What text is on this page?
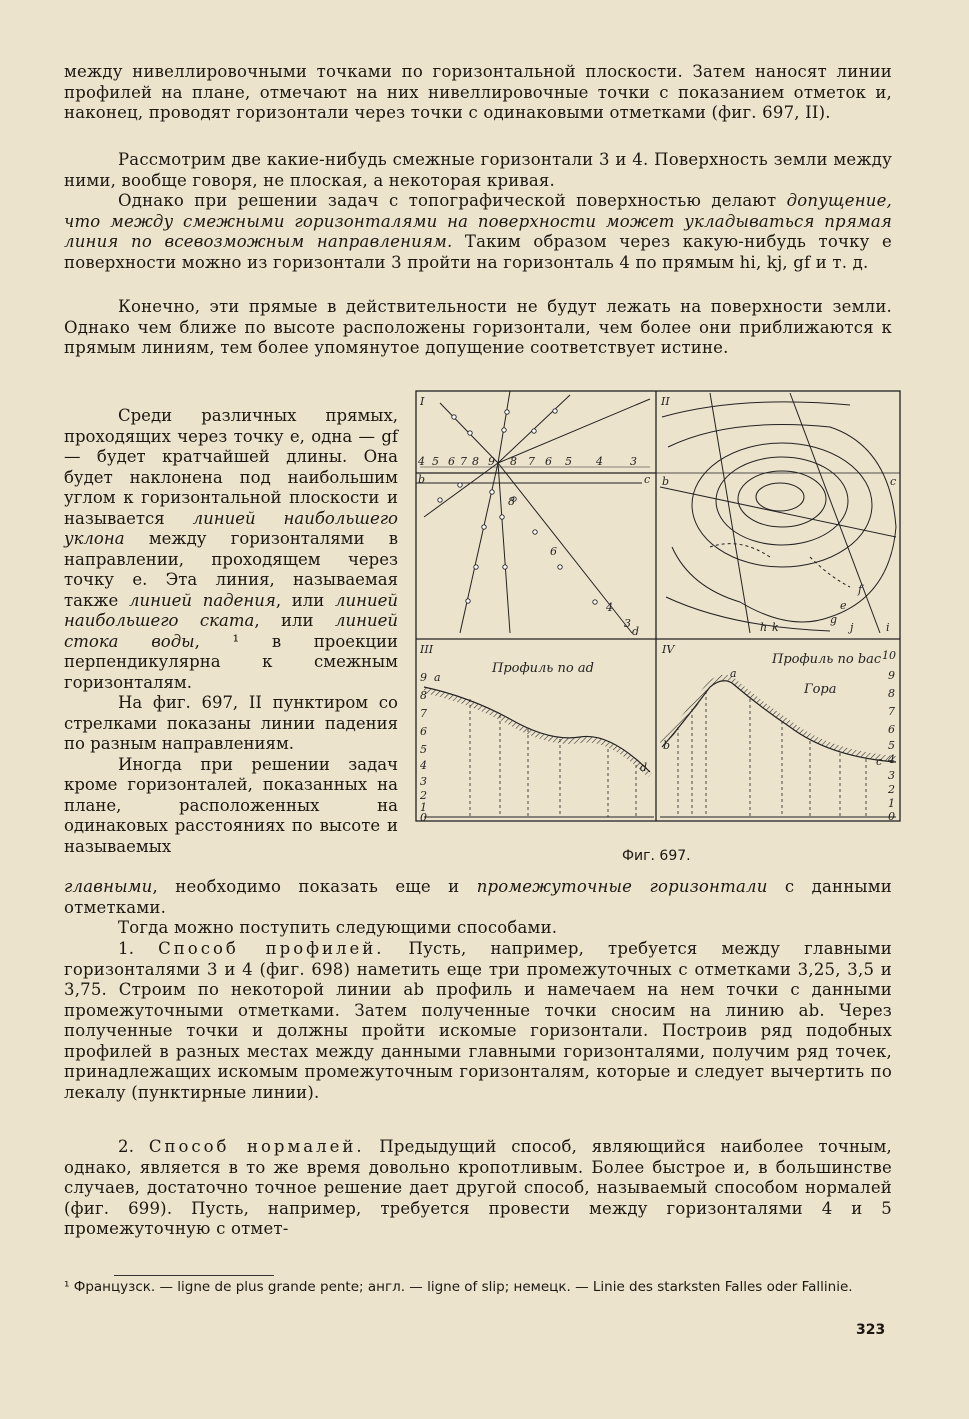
между нивеллировочными точками по горизонтальной плоскости. Затем наносят линии профилей на плане, отмечают на них нивеллировочные точки с показанием отметок и, наконец, проводят горизонтали через точки с одинаковыми отметками (фиг. 697, II).

Рассмотрим две какие-нибудь смежные горизонтали 3 и 4. Поверхность земли между ними, вообще говоря, не плоская, а некоторая кривая.

Однако при решении задач с топографической поверхностью делают допущение, что между смежными горизонталями на поверхности может укладываться прямая линия по всевозможным направлениям. Таким образом через какую-нибудь точку e поверхности можно из горизонтали 3 пройти на горизонталь 4 по прямым hi, kj, gf и т. д.

Конечно, эти прямые в действительности не будут лежать на поверхности земли. Однако чем ближе по высоте расположены горизонтали, чем более они приближаются к прямым линиям, тем более упомянутое допущение соответствует истине.

Среди различных прямых, проходящих через точку e, одна — gf — будет кратчайшей длины. Она будет наклонена под наибольшим углом к горизонтальной плоскости и называется линией наибольшего уклона между горизонталями в направлении, проходящем через точку e. Эта линия, называемая также линией падения, или линией наибольшего ската, или линией стока воды, ¹ в проекции перпендикулярна к смежным горизонталям.
На фиг. 697, II пунктиром со стрелками показаны линии падения по разным направлениям.
Иногда при решении задач кроме горизонталей, показанных на плане, расположенных на одинаковых расстояниях по высоте и называемых

главными, необходимо показать еще и промежуточные горизонтали с данными отметками.

Тогда можно поступить следующими способами.

1. Способ профилей. Пусть, например, требуется между главными горизонталями 3 и 4 (фиг. 698) наметить еще три промежуточных с отметками 3,25, 3,5 и 3,75. Строим по некоторой линии ab профиль и намечаем на нем точки с данными промежуточными отметками. Затем полученные точки сносим на линию ab. Через полученные точки и должны пройти искомые горизонтали. Построив ряд подобных профилей в разных местах между данными главными горизонталями, получим ряд точек, принадлежащих искомым промежуточным горизонталям, которые и следует вычертить по лекалу (пунктирные линии).

2. Способ нормалей. Предыдущий способ, являющийся наиболее точным, однако, является в то же время довольно кропотливым. Более быстрое и, в большинстве случаев, достаточно точное решение дает другой способ, называемый способом нормалей (фиг. 699). Пусть, например, требуется провести между горизонталями 4 и 5 промежуточную с отмет-

I
4 5 6 7 8 9 8 7 6 5 4 3
b	c
8
6
4
3
d
II
b	c
f
e
h
g
k	j	i
III
Профиль по ad
9 a
8
7
6
5
4
3
2
1
0
d
IV
Профиль по bac
Гора
a
b
c
10
9
8
7
6
5
4
3
2
1
0
Фиг. 697.

¹ Французск. — ligne de plus grande pente; англ. — ligne of slip; немецк. — Linie des starksten Falles oder Fallinie.

323
